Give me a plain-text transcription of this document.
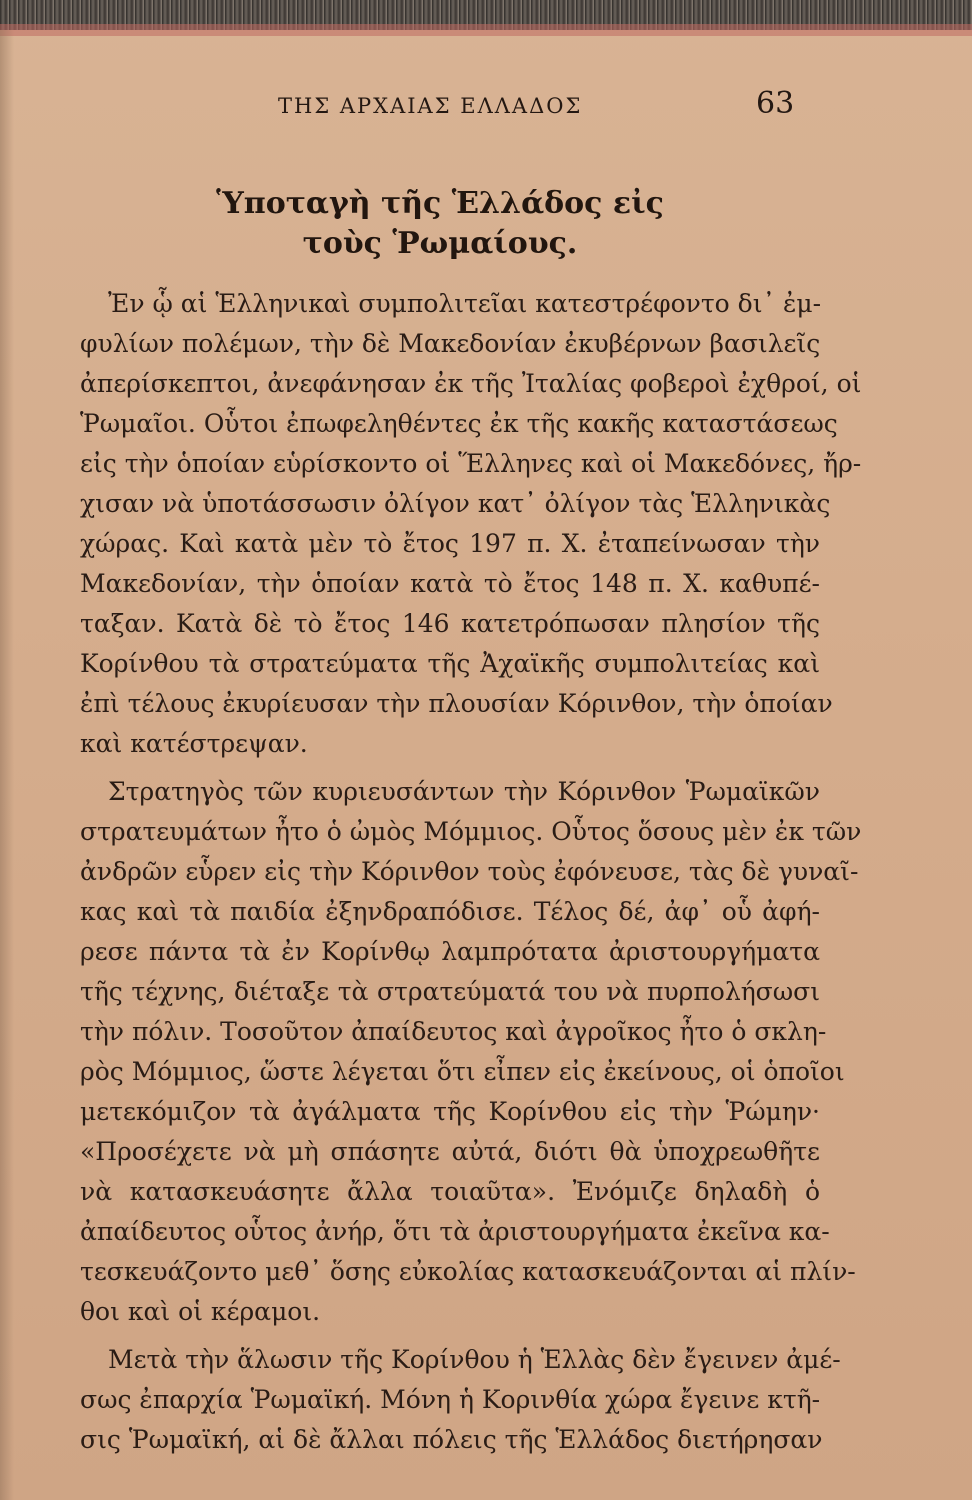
ΤΗΣ ΑΡΧΑΙΑΣ ΕΛΛΑΔΟΣ	63
Ὑποταγὴ τῆς Ἑλλάδος εἰς
τοὺς Ῥωμαίους.
Ἐν ᾧ αἱ Ἑλληνικαὶ συμπολιτεῖαι κατεστρέφοντο δι᾽ ἐμ-
φυλίων πολέμων, τὴν δὲ Μακεδονίαν ἐκυβέρνων βασιλεῖς
ἀπερίσκεπτοι, ἀνεφάνησαν ἐκ τῆς Ἰταλίας φοβεροὶ ἐχθροί, οἱ
Ῥωμαῖοι. Οὗτοι ἐπωφεληθέντες ἐκ τῆς κακῆς καταστάσεως
εἰς τὴν ὁποίαν εὑρίσκοντο οἱ Ἕλληνες καὶ οἱ Μακεδόνες, ἤρ-
χισαν νὰ ὑποτάσσωσιν ὀλίγον κατ᾽ ὀλίγον τὰς Ἑλληνικὰς
χώρας. Καὶ κατὰ μὲν τὸ ἔτος 197 π. Χ. ἐταπείνωσαν τὴν
Μακεδονίαν, τὴν ὁποίαν κατὰ τὸ ἔτος 148 π. Χ. καθυπέ-
ταξαν. Κατὰ δὲ τὸ ἔτος 146 κατετρόπωσαν πλησίον τῆς
Κορίνθου τὰ στρατεύματα τῆς Ἀχαϊκῆς συμπολιτείας καὶ
ἐπὶ τέλους ἐκυρίευσαν τὴν πλουσίαν Κόρινθον, τὴν ὁποίαν
καὶ κατέστρεψαν.
Στρατηγὸς τῶν κυριευσάντων τὴν Κόρινθον Ῥωμαϊκῶν
στρατευμάτων ἦτο ὁ ὠμὸς Μόμμιος. Οὗτος ὅσους μὲν ἐκ τῶν
ἀνδρῶν εὗρεν εἰς τὴν Κόρινθον τοὺς ἐφόνευσε, τὰς δὲ γυναῖ-
κας καὶ τὰ παιδία ἐξηνδραπόδισε. Τέλος δέ, ἀφ᾽ οὗ ἀφή-
ρεσε πάντα τὰ ἐν Κορίνθῳ λαμπρότατα ἀριστουργήματα
τῆς τέχνης, διέταξε τὰ στρατεύματά του νὰ πυρπολήσωσι
τὴν πόλιν. Τοσοῦτον ἀπαίδευτος καὶ ἀγροῖκος ἦτο ὁ σκλη-
ρὸς Μόμμιος, ὥστε λέγεται ὅτι εἶπεν εἰς ἐκείνους, οἱ ὁποῖοι
μετεκόμιζον τὰ ἀγάλματα τῆς Κορίνθου εἰς τὴν Ῥώμην·
«Προσέχετε νὰ μὴ σπάσητε αὐτά, διότι θὰ ὑποχρεωθῆτε
νὰ κατασκευάσητε ἄλλα τοιαῦτα». Ἐνόμιζε δηλαδὴ ὁ
ἀπαίδευτος οὗτος ἀνήρ, ὅτι τὰ ἀριστουργήματα ἐκεῖνα κα-
τεσκευάζοντο μεθ᾽ ὅσης εὐκολίας κατασκευάζονται αἱ πλίν-
θοι καὶ οἱ κέραμοι.
Μετὰ τὴν ἅλωσιν τῆς Κορίνθου ἡ Ἑλλὰς δὲν ἔγεινεν ἀμέ-
σως ἐπαρχία Ῥωμαϊκή. Μόνη ἡ Κορινθία χώρα ἔγεινε κτῆ-
σις Ῥωμαϊκή, αἱ δὲ ἄλλαι πόλεις τῆς Ἑλλάδος διετήρησαν
